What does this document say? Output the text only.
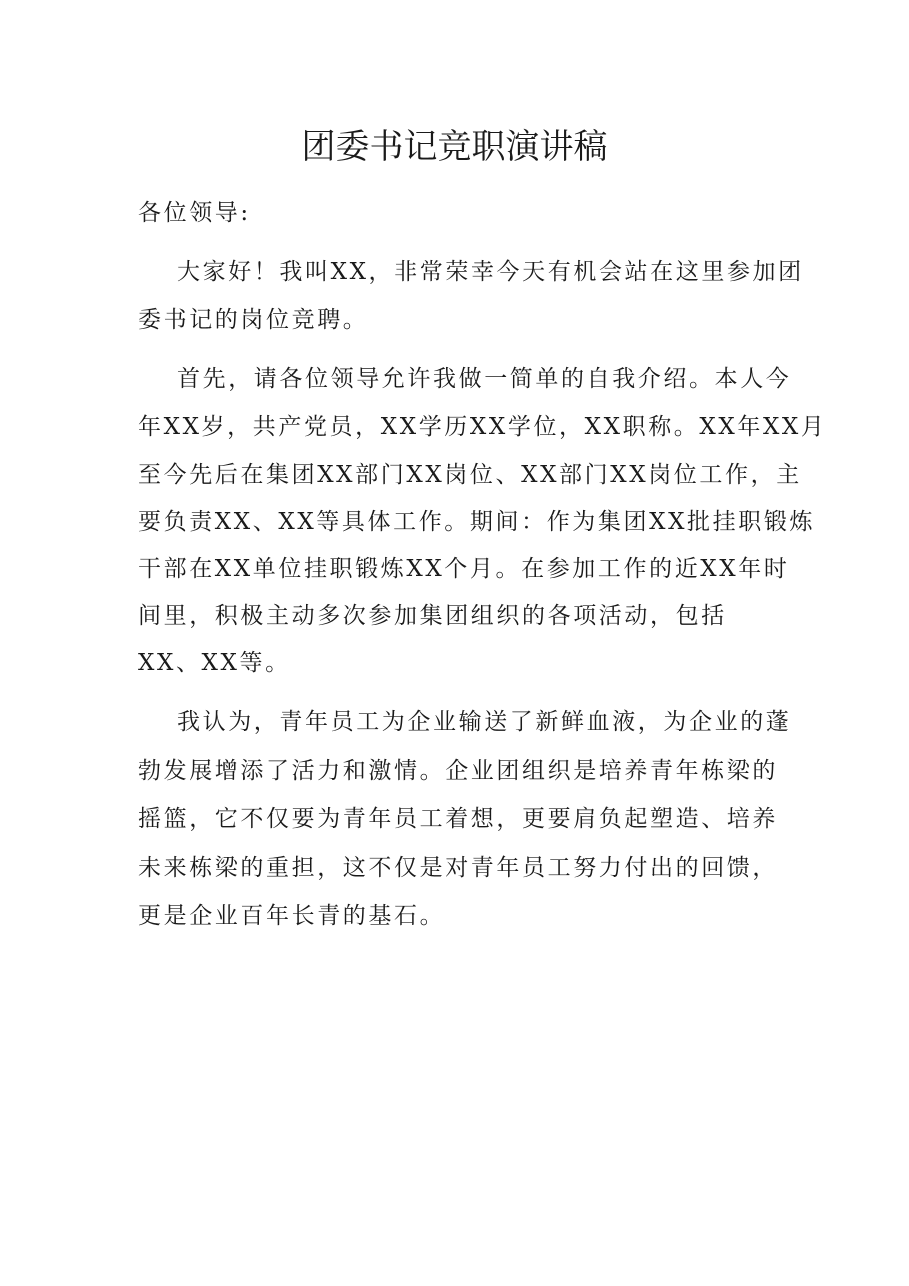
团委书记竞职演讲稿
各位领导:
大家好！我叫XX，非常荣幸今天有机会站在这里参加团
委书记的岗位竞聘。
首先，请各位领导允许我做一简单的自我介绍。本人今
年XX岁，共产党员，XX学历XX学位，XX职称。XX年XX月
至今先后在集团XX部门XX岗位、XX部门XX岗位工作，主
要负责XX、XX等具体工作。期间：作为集团XX批挂职锻炼
干部在XX单位挂职锻炼XX个月。在参加工作的近XX年时
间里，积极主动多次参加集团组织的各项活动，包括
XX、XX等。
我认为，青年员工为企业输送了新鲜血液，为企业的蓬
勃发展增添了活力和激情。企业团组织是培养青年栋梁的
摇篮，它不仅要为青年员工着想，更要肩负起塑造、培养
未来栋梁的重担，这不仅是对青年员工努力付出的回馈，
更是企业百年长青的基石。
